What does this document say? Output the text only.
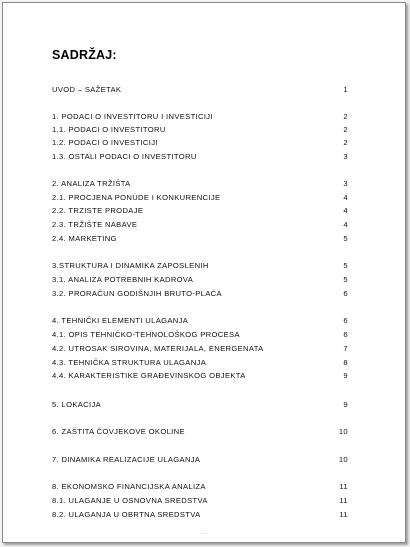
SADRŽAJ:
UVOD – SAŽETAK	1
1. PODACI O INVESTITORU I INVESTICIJI	2
1.1. PODACI O INVESTITORU	2
1.2. PODACI O INVESTICIJI	2
1.3. OSTALI PODACI O INVESTITORU	3
2. ANALIZA TRŽIŠTA	3
2.1. PROCJENA PONUDE I KONKURENCIJE	4
2.2. TRZISTE PRODAJE	4
2.3. TRŽIŠTE NABAVE	4
2.4. MARKETING	5
3.STRUKTURA I DINAMIKA ZAPOSLENIH	5
3.1. ANALIZA POTREBNIH KADROVA	5
3.2. PRORAČUN GODIŠNJIH BRUTO-PLAĆA	6
4. TEHNIČKI ELEMENTI ULAGANJA	6
4.1. OPIS TEHNIČKO-TEHNOLOŠKOG PROCESA	6
4.2. UTROSAK SIROVINA, MATERIJALA, ENERGENATA	7
4.3. TEHNIČKA STRUKTURA ULAGANJA	8
4.4. KARAKTERISTIKE GRAĐEVINSKOG OBJEKTA	9
5. LOKACIJA	9
6. ZAŠTITA ČOVJEKOVE OKOLINE	10
7. DINAMIKA REALIZACIJE ULAGANJA	10
8. EKONOMSKO FINANCIJSKA ANALIZA	11
8.1. ULAGANJE U OSNOVNA SREDSTVA	11
8.2. ULAGANJA U OBRTNA SREDSTVA	11
- -
